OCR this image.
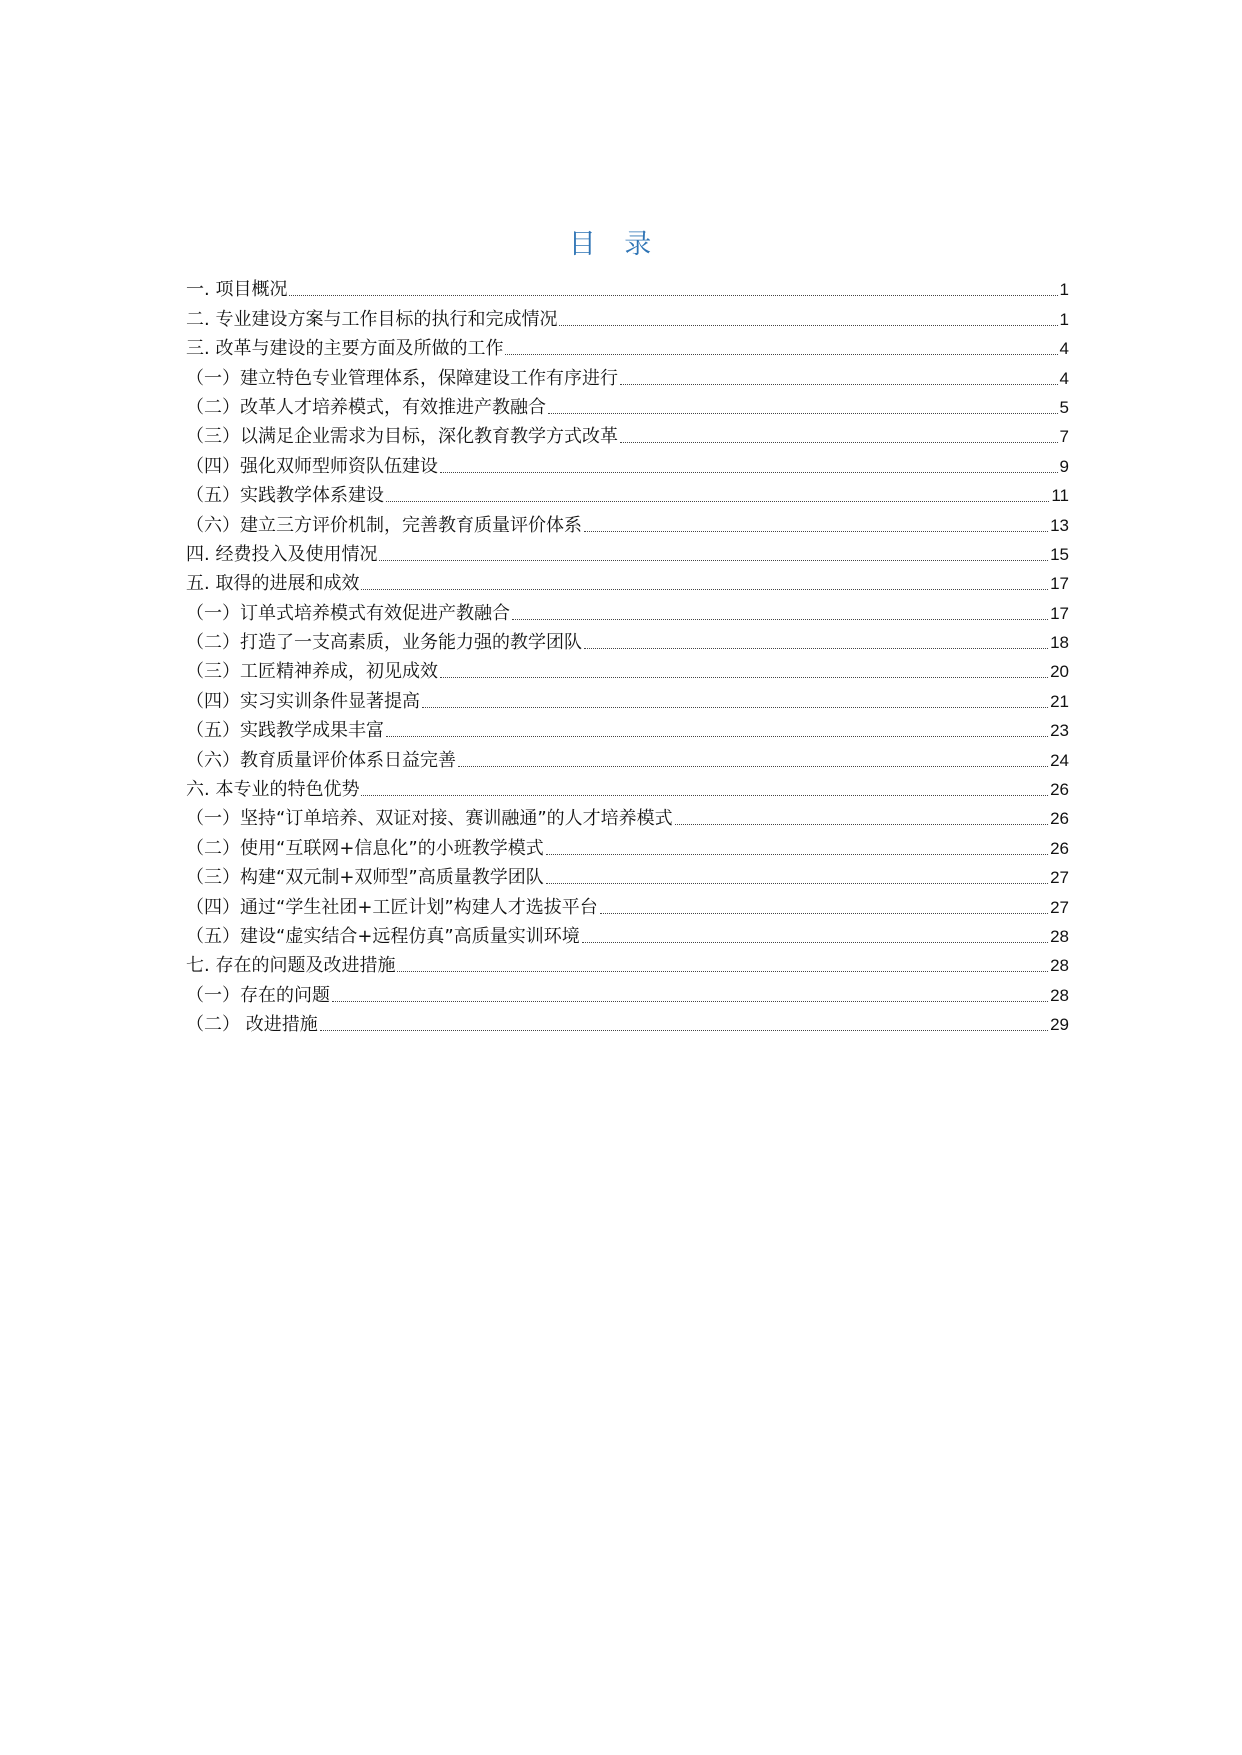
目 录
一. 项目概况	1
二. 专业建设方案与工作目标的执行和完成情况	1
三. 改革与建设的主要方面及所做的工作	4
（一）建立特色专业管理体系，保障建设工作有序进行	4
（二）改革人才培养模式，有效推进产教融合	5
（三）以满足企业需求为目标，深化教育教学方式改革	7
（四）强化双师型师资队伍建设	9
（五）实践教学体系建设	11
（六）建立三方评价机制，完善教育质量评价体系	13
四. 经费投入及使用情况	15
五. 取得的进展和成效	17
（一）订单式培养模式有效促进产教融合	17
（二）打造了一支高素质，业务能力强的教学团队	18
（三）工匠精神养成，初见成效	20
（四）实习实训条件显著提高	21
（五）实践教学成果丰富	23
（六）教育质量评价体系日益完善	24
六. 本专业的特色优势	26
（一）坚持“订单培养、双证对接、赛训融通”的人才培养模式	26
（二）使用“互联网+信息化”的小班教学模式	26
（三）构建“双元制+双师型”高质量教学团队	27
（四）通过“学生社团+工匠计划”构建人才选拔平台	27
（五）建设“虚实结合+远程仿真”高质量实训环境	28
七. 存在的问题及改进措施	28
（一）存在的问题	28
（二） 改进措施	29
